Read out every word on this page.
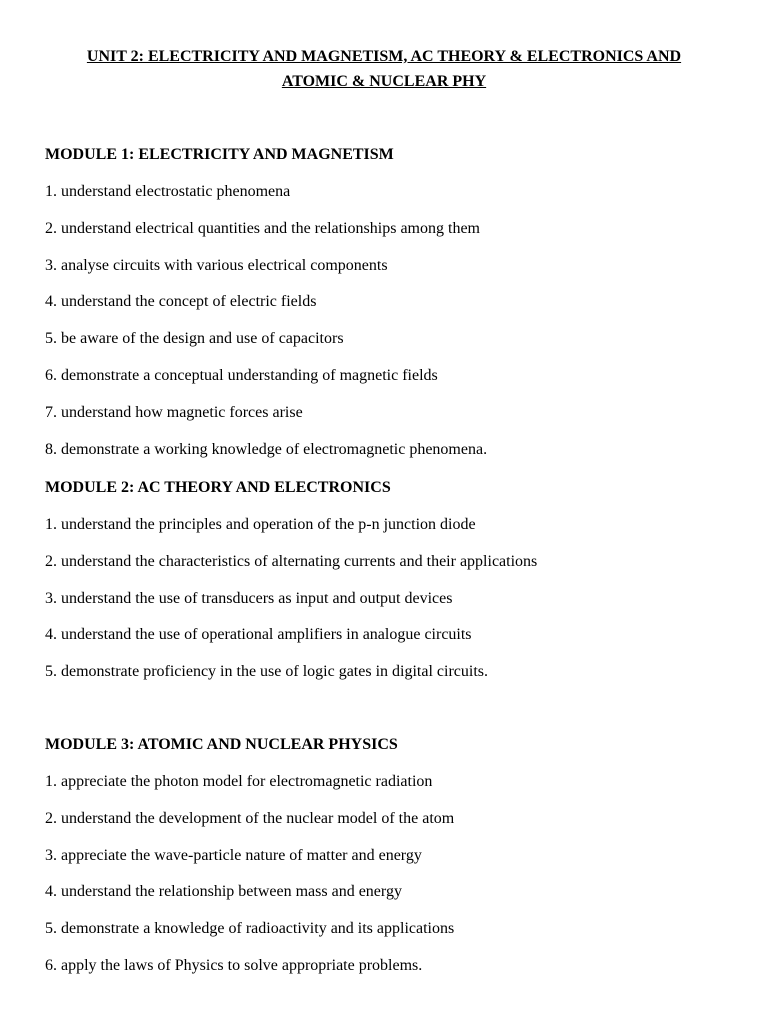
UNIT 2: ELECTRICITY AND MAGNETISM, AC THEORY & ELECTRONICS AND
ATOMIC & NUCLEAR PHY
MODULE 1: ELECTRICITY AND MAGNETISM
1. understand electrostatic phenomena
2. understand electrical quantities and the relationships among them
3. analyse circuits with various electrical components
4. understand the concept of electric fields
5. be aware of the design and use of capacitors
6. demonstrate a conceptual understanding of magnetic fields
7. understand how magnetic forces arise
8. demonstrate a working knowledge of electromagnetic phenomena.
MODULE 2: AC THEORY AND ELECTRONICS
1. understand the principles and operation of the p-n junction diode
2. understand the characteristics of alternating currents and their applications
3. understand the use of transducers as input and output devices
4. understand the use of operational amplifiers in analogue circuits
5. demonstrate proficiency in the use of logic gates in digital circuits.
MODULE 3: ATOMIC AND NUCLEAR PHYSICS
1. appreciate the photon model for electromagnetic radiation
2. understand the development of the nuclear model of the atom
3. appreciate the wave-particle nature of matter and energy
4. understand the relationship between mass and energy
5. demonstrate a knowledge of radioactivity and its applications
6. apply the laws of Physics to solve appropriate problems.
